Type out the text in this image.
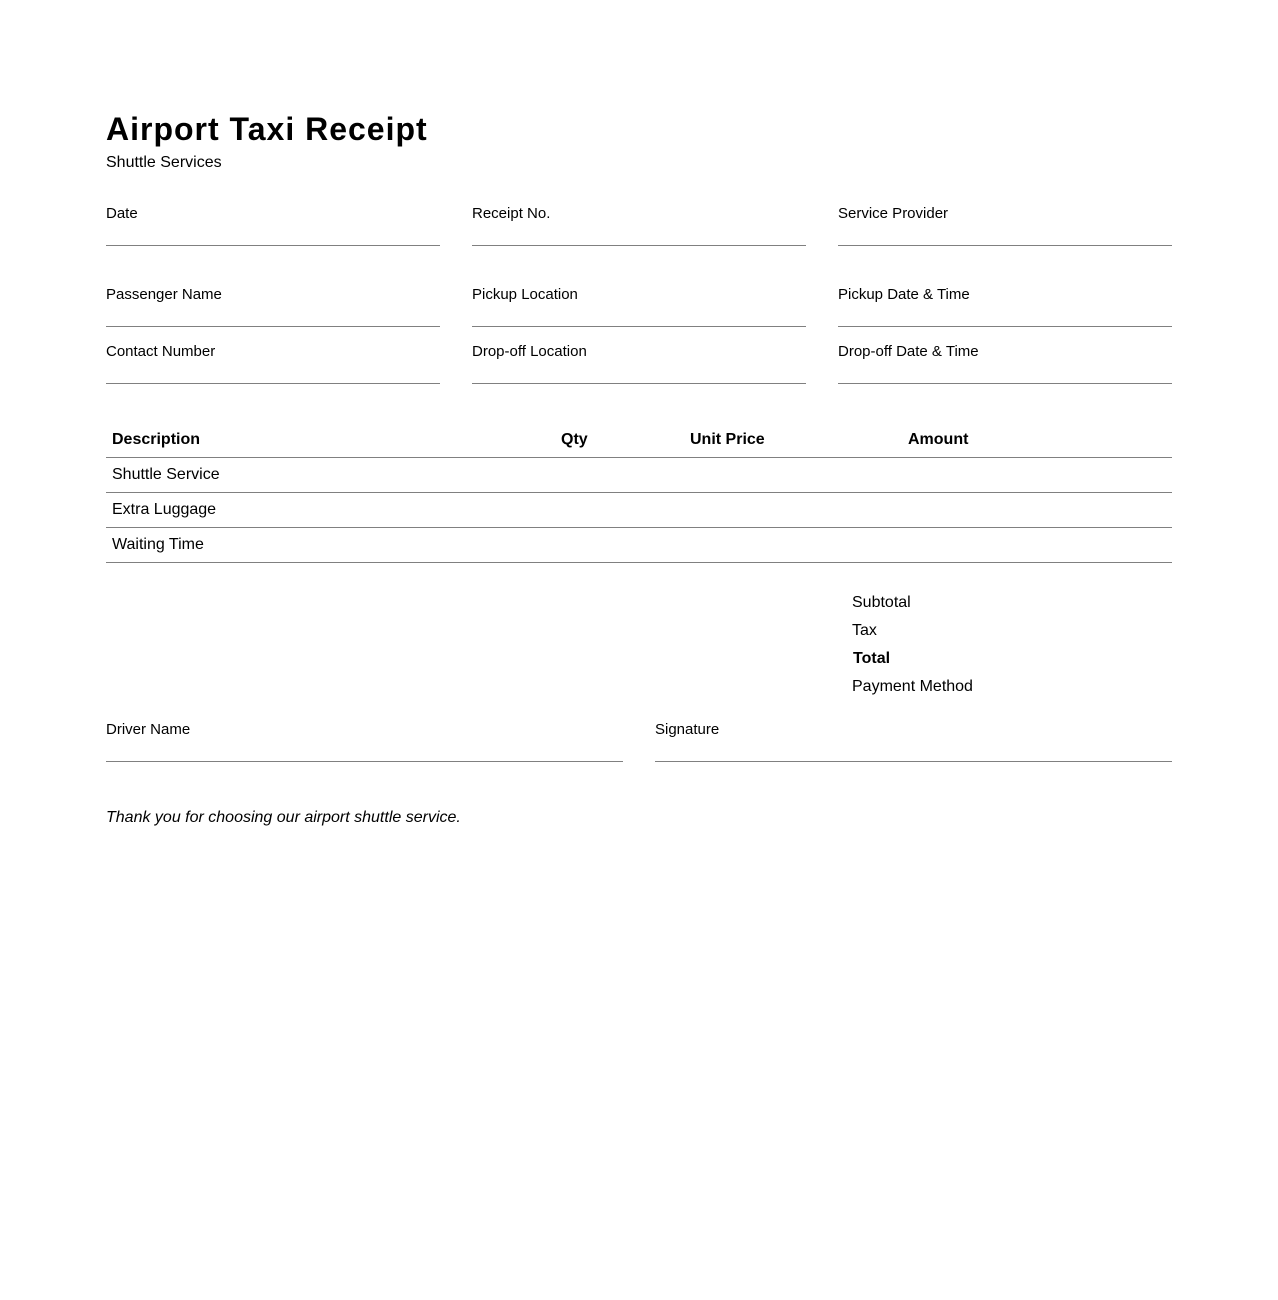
Airport Taxi Receipt
Shuttle Services
Date	Receipt No.	Service Provider
Passenger Name	Pickup Location	Pickup Date & Time
Contact Number	Drop-off Location	Drop-off Date & Time
Description	Qty	Unit Price	Amount
Shuttle Service			
Extra Luggage			
Waiting Time			
Subtotal
Tax
Total
Payment Method
Driver Name	Signature
Thank you for choosing our airport shuttle service.
